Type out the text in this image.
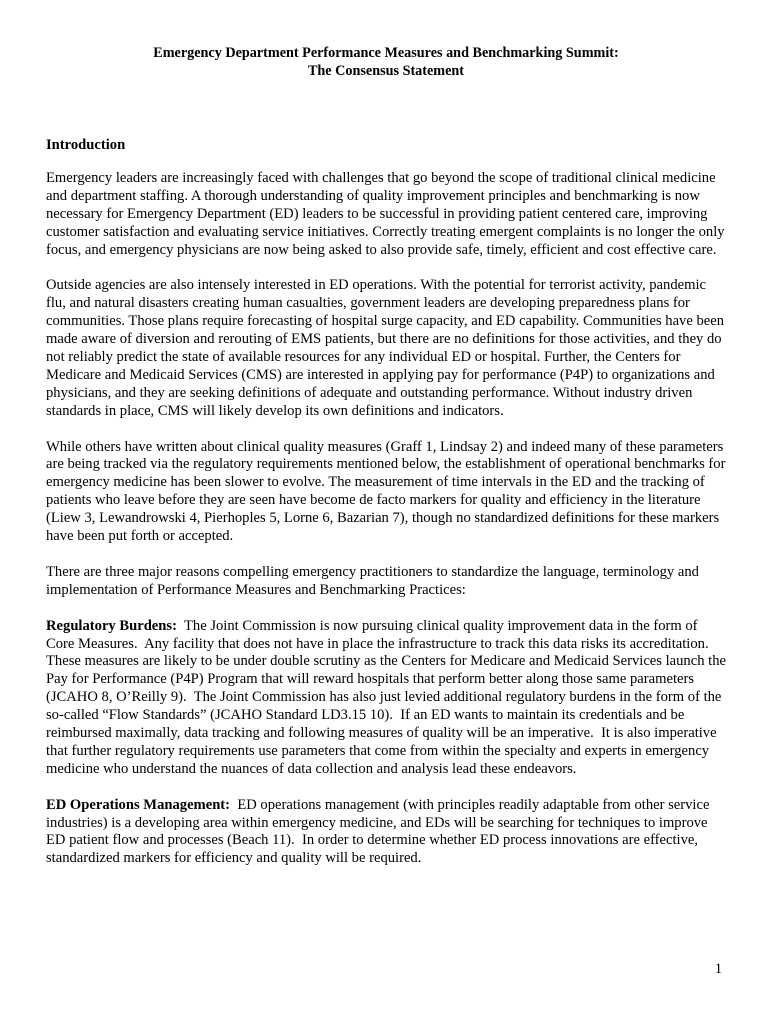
Emergency Department Performance Measures and Benchmarking Summit:
The Consensus Statement
Introduction

Emergency leaders are increasingly faced with challenges that go beyond the scope of traditional clinical medicine and department staffing. A thorough understanding of quality improvement principles and benchmarking is now necessary for Emergency Department (ED) leaders to be successful in providing patient centered care, improving customer satisfaction and evaluating service initiatives. Correctly treating emergent complaints is no longer the only focus, and emergency physicians are now being asked to also provide safe, timely, efficient and cost effective care.

Outside agencies are also intensely interested in ED operations. With the potential for terrorist activity, pandemic flu, and natural disasters creating human casualties, government leaders are developing preparedness plans for communities. Those plans require forecasting of hospital surge capacity, and ED capability. Communities have been made aware of diversion and rerouting of EMS patients, but there are no definitions for those activities, and they do not reliably predict the state of available resources for any individual ED or hospital. Further, the Centers for Medicare and Medicaid Services (CMS) are interested in applying pay for performance (P4P) to organizations and physicians, and they are seeking definitions of adequate and outstanding performance. Without industry driven standards in place, CMS will likely develop its own definitions and indicators.

While others have written about clinical quality measures (Graff 1, Lindsay 2) and indeed many of these parameters are being tracked via the regulatory requirements mentioned below, the establishment of operational benchmarks for emergency medicine has been slower to evolve. The measurement of time intervals in the ED and the tracking of patients who leave before they are seen have become de facto markers for quality and efficiency in the literature (Liew 3, Lewandrowski 4, Pierhoples 5, Lorne 6, Bazarian 7), though no standardized definitions for these markers have been put forth or accepted.

There are three major reasons compelling emergency practitioners to standardize the language, terminology and implementation of Performance Measures and Benchmarking Practices:

Regulatory Burdens:  The Joint Commission is now pursuing clinical quality improvement data in the form of Core Measures.  Any facility that does not have in place the infrastructure to track this data risks its accreditation.  These measures are likely to be under double scrutiny as the Centers for Medicare and Medicaid Services launch the Pay for Performance (P4P) Program that will reward hospitals that perform better along those same parameters (JCAHO 8, O’Reilly 9).  The Joint Commission has also just levied additional regulatory burdens in the form of the so-called “Flow Standards” (JCAHO Standard LD3.15 10).  If an ED wants to maintain its credentials and be reimbursed maximally, data tracking and following measures of quality will be an imperative.  It is also imperative that further regulatory requirements use parameters that come from within the specialty and experts in emergency medicine who understand the nuances of data collection and analysis lead these endeavors.

ED Operations Management:  ED operations management (with principles readily adaptable from other service industries) is a developing area within emergency medicine, and EDs will be searching for techniques to improve ED patient flow and processes (Beach 11).  In order to determine whether ED process innovations are effective, standardized markers for efficiency and quality will be required.

1
